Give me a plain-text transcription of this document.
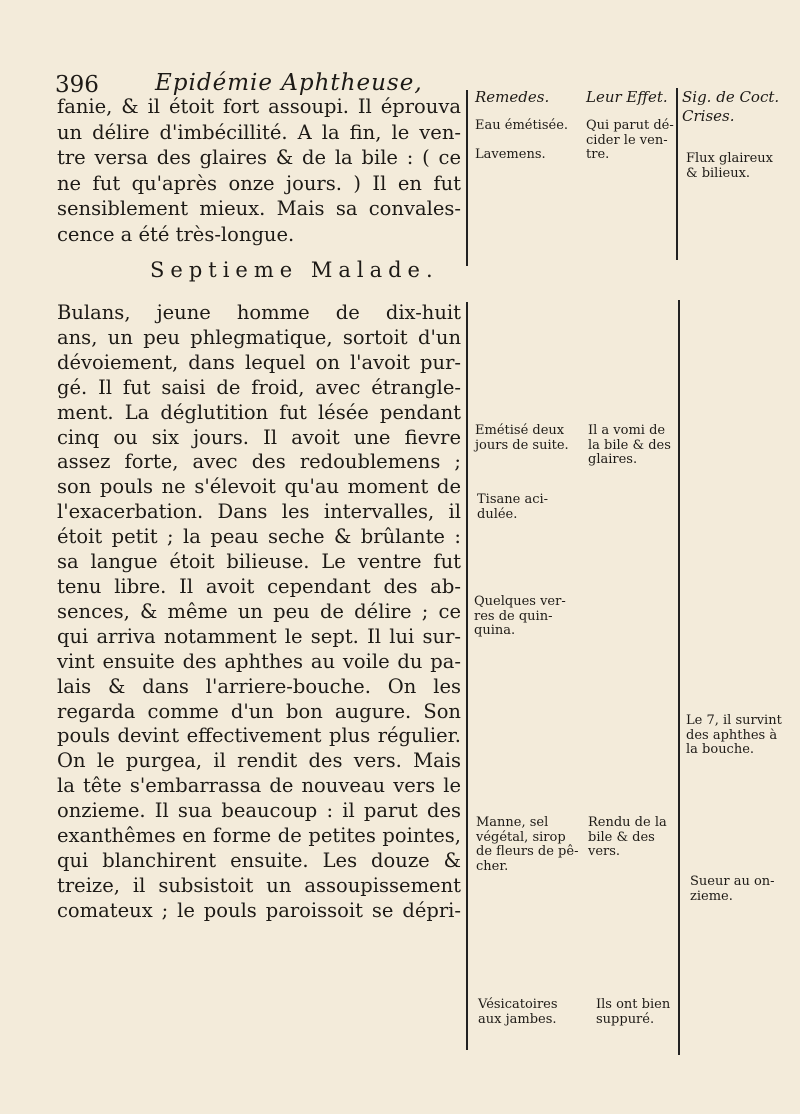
396 Epidémie Aphtheuse,
fanie, & il étoit fort assoupi. Il éprouva
un délire d'imbécillité. A la fin, le ven-
tre versa des glaires & de la bile : ( ce
ne fut qu'après onze jours. ) Il en fut
sensiblement mieux. Mais sa convales-
cence a été très-longue.
Remedes. Leur Effet. Sig. de Coct. Crises.
Eau émétisée.
Lavemens.
Qui parut dé-
cider le ven-
tre.	Flux glaireux
& bilieux.
Septieme Malade.
Bulans, jeune homme de dix-huit
ans, un peu phlegmatique, sortoit d'un
dévoiement, dans lequel on l'avoit pur-
gé. Il fut saisi de froid, avec étrangle-
ment. La déglutition fut lésée pendant
cinq ou six jours. Il avoit une fievre
assez forte, avec des redoublemens ;
son pouls ne s'élevoit qu'au moment de
l'exacerbation. Dans les intervalles, il
étoit petit ; la peau seche & brûlante :
sa langue étoit bilieuse. Le ventre fut
tenu libre. Il avoit cependant des ab-
sences, & même un peu de délire ; ce
qui arriva notamment le sept. Il lui sur-
vint ensuite des aphthes au voile du pa-
lais & dans l'arriere-bouche. On les
regarda comme d'un bon augure. Son
pouls devint effectivement plus régulier.
On le purgea, il rendit des vers. Mais
la tête s'embarrassa de nouveau vers le
onzieme. Il sua beaucoup : il parut des
exanthêmes en forme de petites pointes,
qui blanchirent ensuite. Les douze &
treize, il subsistoit un assoupissement
comateux ; le pouls paroissoit se dépri-
Emétisé deux
jours de suite.
Tisane aci-
dulée.
Quelques ver-
res de quin-
quina.
Manne, sel
végétal, sirop
de fleurs de pê-
cher.
Vésicatoires
aux jambes.
Il a vomi de
la bile & des
glaires.
Rendu de la
bile & des
vers.
Ils ont bien
suppuré.
Le 7, il survint
des aphthes à
la bouche.
Sueur au on-
zieme.
